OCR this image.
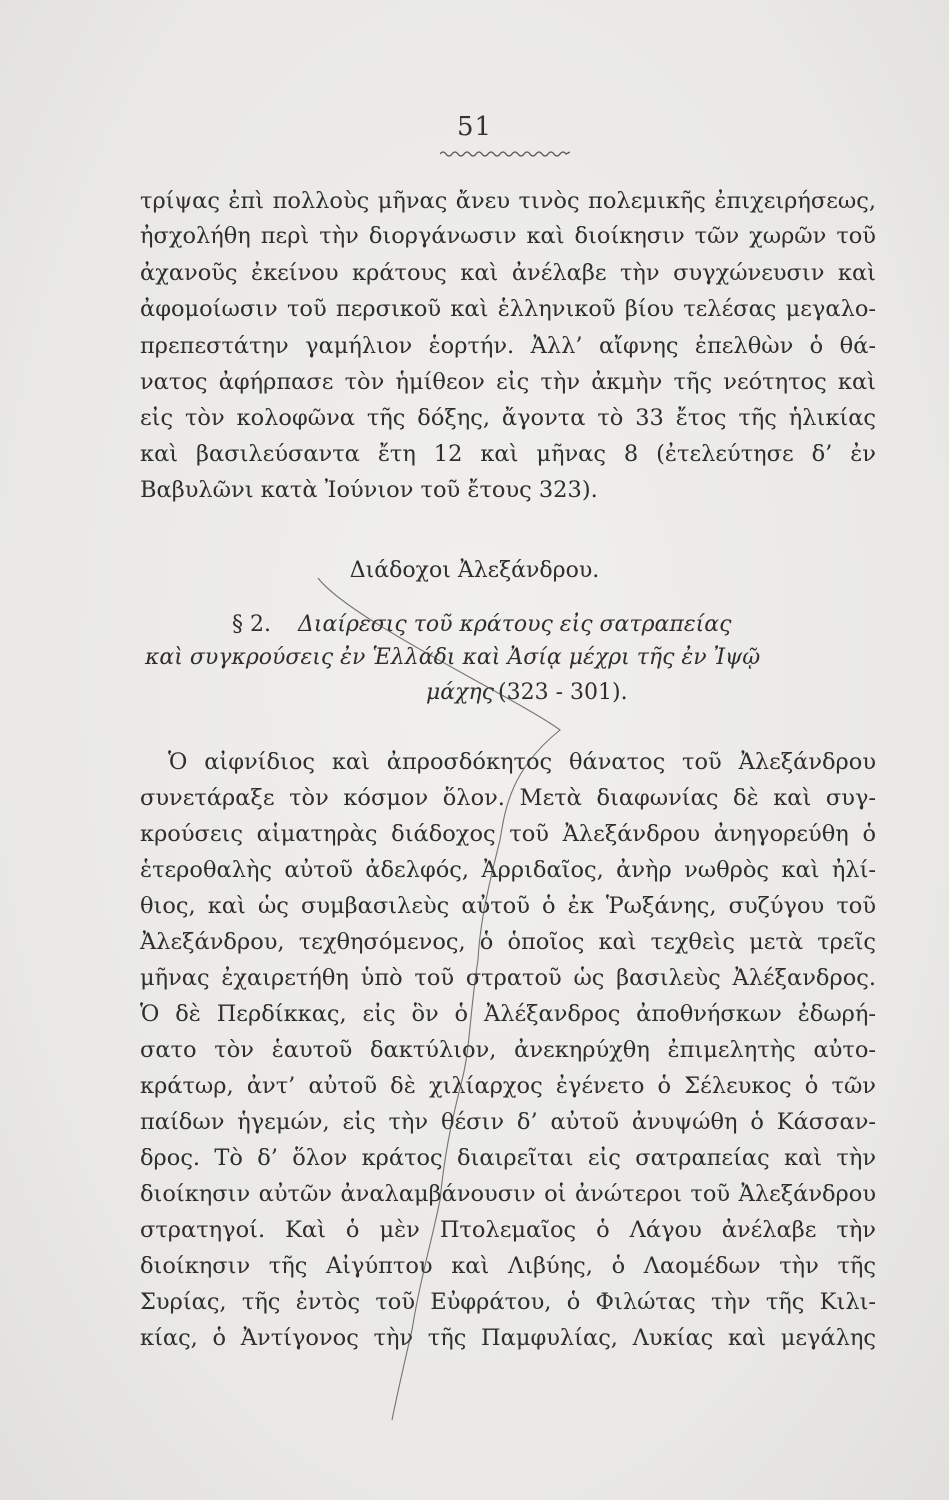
51
τρίψας ἐπὶ πολλοὺς μῆνας ἄνευ τινὸς πολεμικῆς ἐπιχειρήσεως,
ἠσχολήθη περὶ τὴν διοργάνωσιν καὶ διοίκησιν τῶν χωρῶν τοῦ
ἀχανοῦς ἐκείνου κράτους καὶ ἀνέλαβε τὴν συγχώνευσιν καὶ
ἀφομοίωσιν τοῦ περσικοῦ καὶ ἑλληνικοῦ βίου τελέσας μεγαλο-
πρεπεστάτην γαμήλιον ἑορτήν. Ἀλλ’ αἴφνης ἐπελθὼν ὁ θά-
νατος ἀφήρπασε τὸν ἡμίθεον εἰς τὴν ἀκμὴν τῆς νεότητος καὶ
εἰς τὸν κολοφῶνα τῆς δόξης, ἄγοντα τὸ 33 ἔτος τῆς ἡλικίας
καὶ βασιλεύσαντα ἔτη 12 καὶ μῆνας 8 (ἐτελεύτησε δ’ ἐν
Βαβυλῶνι κατὰ Ἰούνιον τοῦ ἔτους 323).
Διάδοχοι Ἀλεξάνδρου.
§ 2. Διαίρεσις τοῦ κράτους εἰς σατραπείας
καὶ συγκρούσεις ἐν Ἑλλάδι καὶ Ἀσίᾳ μέχρι τῆς ἐν Ἰψῷ
μάχης (323 - 301).
Ὁ αἰφνίδιος καὶ ἀπροσδόκητος θάνατος τοῦ Ἀλεξάνδρου
συνετάραξε τὸν κόσμον ὅλον. Μετὰ διαφωνίας δὲ καὶ συγ-
κρούσεις αἱματηρὰς διάδοχος τοῦ Ἀλεξάνδρου ἀνηγορεύθη ὁ
ἑτεροθαλὴς αὐτοῦ ἀδελφός, Ἀρριδαῖος, ἀνὴρ νωθρὸς καὶ ἠλί-
θιος, καὶ ὡς συμβασιλεὺς αὐτοῦ ὁ ἐκ Ῥωξάνης, συζύγου τοῦ
Ἀλεξάνδρου, τεχθησόμενος, ὁ ὁποῖος καὶ τεχθεὶς μετὰ τρεῖς
μῆνας ἐχαιρετήθη ὑπὸ τοῦ στρατοῦ ὡς βασιλεὺς Ἀλέξανδρος.
Ὁ δὲ Περδίκκας, εἰς ὃν ὁ Ἀλέξανδρος ἀποθνήσκων ἐδωρή-
σατο τὸν ἑαυτοῦ δακτύλιον, ἀνεκηρύχθη ἐπιμελητὴς αὐτο-
κράτωρ, ἀντ’ αὐτοῦ δὲ χιλίαρχος ἐγένετο ὁ Σέλευκος ὁ τῶν
παίδων ἡγεμών, εἰς τὴν θέσιν δ’ αὐτοῦ ἀνυψώθη ὁ Κάσσαν-
δρος. Τὸ δ’ ὅλον κράτος διαιρεῖται εἰς σατραπείας καὶ τὴν
διοίκησιν αὐτῶν ἀναλαμβάνουσιν οἱ ἀνώτεροι τοῦ Ἀλεξάνδρου
στρατηγοί. Καὶ ὁ μὲν Πτολεμαῖος ὁ Λάγου ἀνέλαβε τὴν
διοίκησιν τῆς Αἰγύπτου καὶ Λιβύης, ὁ Λαομέδων τὴν τῆς
Συρίας, τῆς ἐντὸς τοῦ Εὐφράτου, ὁ Φιλώτας τὴν τῆς Κιλι-
κίας, ὁ Ἀντίγονος τὴν τῆς Παμφυλίας, Λυκίας καὶ μεγάλης
